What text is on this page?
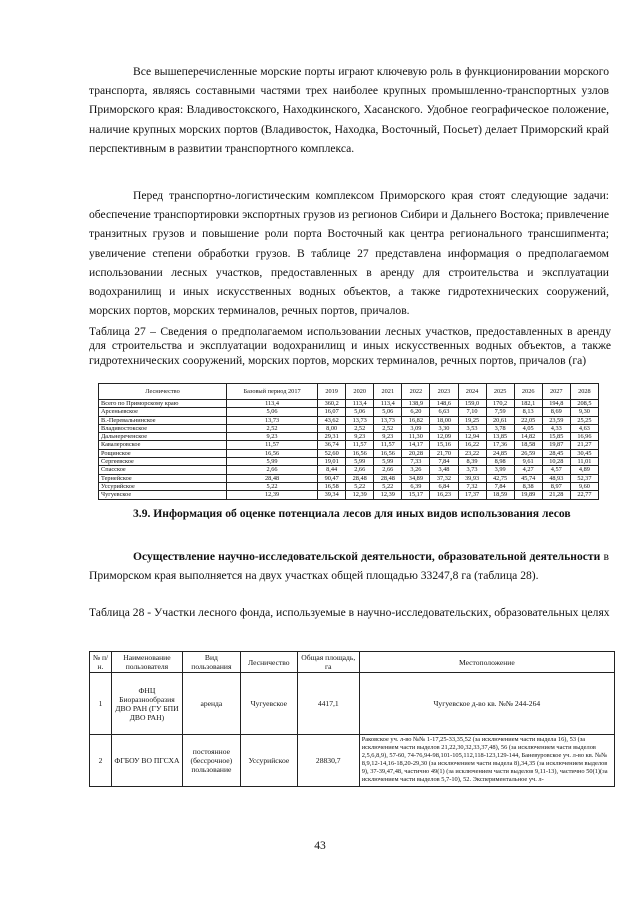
Все вышеперечисленные морские порты играют ключевую роль в функционировании морского транспорта, являясь составными частями трех наиболее крупных промышленно-транспортных узлов Приморского края: Владивостокского, Находкинского, Хасанского. Удобное географическое положение, наличие крупных морских портов (Владивосток, Находка, Восточный, Посьет) делает Приморский край перспективным в развитии транспортного комплекса.

Перед транспортно-логистическим комплексом Приморского края стоят следующие задачи: обеспечение транспортировки экспортных грузов из регионов Сибири и Дальнего Востока; привлечение транзитных грузов и повышение роли порта Восточный как центра регионального трансшипмента; увеличение степени обработки грузов. В таблице 27 представлена информация о предполагаемом использовании лесных участков, предоставленных в аренду для строительства и эксплуатации водохранилищ и иных искусственных водных объектов, а также гидротехнических сооружений, морских портов, морских терминалов, речных портов, причалов.

Таблица 27 – Сведения о предполагаемом использовании лесных участков, предоставленных в аренду для строительства и эксплуатации водохранилищ и иных искусственных водных объектов, а также гидротехнических сооружений, морских портов, морских терминалов, речных портов, причалов (га)

Лесничество	Базовый период 2017	2019	2020	2021	2022	2023	2024	2025	2026	2027	2028
Всего по Приморскому краю	113,4	360,2	113,4	113,4	138,9	148,6	159,0	170,2	182,1	194,8	208,5
Арсеньевское	5,06	16,07	5,06	5,06	6,20	6,63	7,10	7,59	8,13	8,69	9,30
В.-Перевальнинское	13,73	43,62	13,73	13,73	16,82	18,00	19,25	20,61	22,05	23,59	25,25
Владивостокское	2,52	8,00	2,52	2,52	3,09	3,30	3,53	3,78	4,05	4,33	4,63
Дальнереченское	9,23	29,31	9,23	9,23	11,30	12,09	12,94	13,85	14,82	15,85	16,96
Кавалеровское	11,57	36,74	11,57	11,57	14,17	15,16	16,22	17,36	18,58	19,87	21,27
Рощинское	16,56	52,60	16,56	16,56	20,28	21,70	23,22	24,85	26,59	28,45	30,45
Сергеевское	5,99	19,01	5,99	5,99	7,33	7,84	8,39	8,98	9,61	10,28	11,01
Спасское	2,66	8,44	2,66	2,66	3,26	3,48	3,73	3,99	4,27	4,57	4,89
Тернейское	28,48	90,47	28,48	28,48	34,89	37,32	39,93	42,75	45,74	48,93	52,37
Уссурийское	5,22	16,58	5,22	5,22	6,39	6,84	7,32	7,84	8,38	8,97	9,60
Чугуевское	12,39	39,34	12,39	12,39	15,17	16,23	17,37	18,59	19,89	21,28	22,77

3.9. Информация об оценке потенциала лесов для иных видов использования лесов

Осуществление научно-исследовательской деятельности, образовательной деятельности в Приморском края выполняется на двух участках общей площадью 33247,8 га (таблица 28).

Таблица 28 - Участки лесного фонда, используемые в научно-исследовательских, образовательных целях

№ п/н.	Наименование пользователя	Вид пользования	Лесничество	Общая площадь, га	Местоположение
1	ФНЦ Биоразнообразия ДВО РАН (ГУ БПИ ДВО РАН)	аренда	Чугуевское	4417,1	Чугуевское д-во кв. №№ 244-264
2	ФГБОУ ВО ПГСХА	постоянное (бессрочное) пользование	Уссурийское	28830,7	Раковское уч. л-во №№ 1-17,25-33,35,52 (за исключением части выдела 16), 53 (за исключением части выделов 21,22,30,32,33,37,48), 56 (за исключением части выделов 2,5,6,8,9), 57-60, 74-76,94-98,101-105,112,118-123,129-144, Баневуровское уч. л-во кв. №№ 8,9,12-14,16-18,20-29,30 (за исключением части выдела 8),34,35 (за исключением выделов 9), 37-39,47,48, частично 49(1) (за исключением части выделов 9,11-13), частично 50(1)(за исключением части выделов 5,7-10), 52. Экспериментальное уч. л-
43
